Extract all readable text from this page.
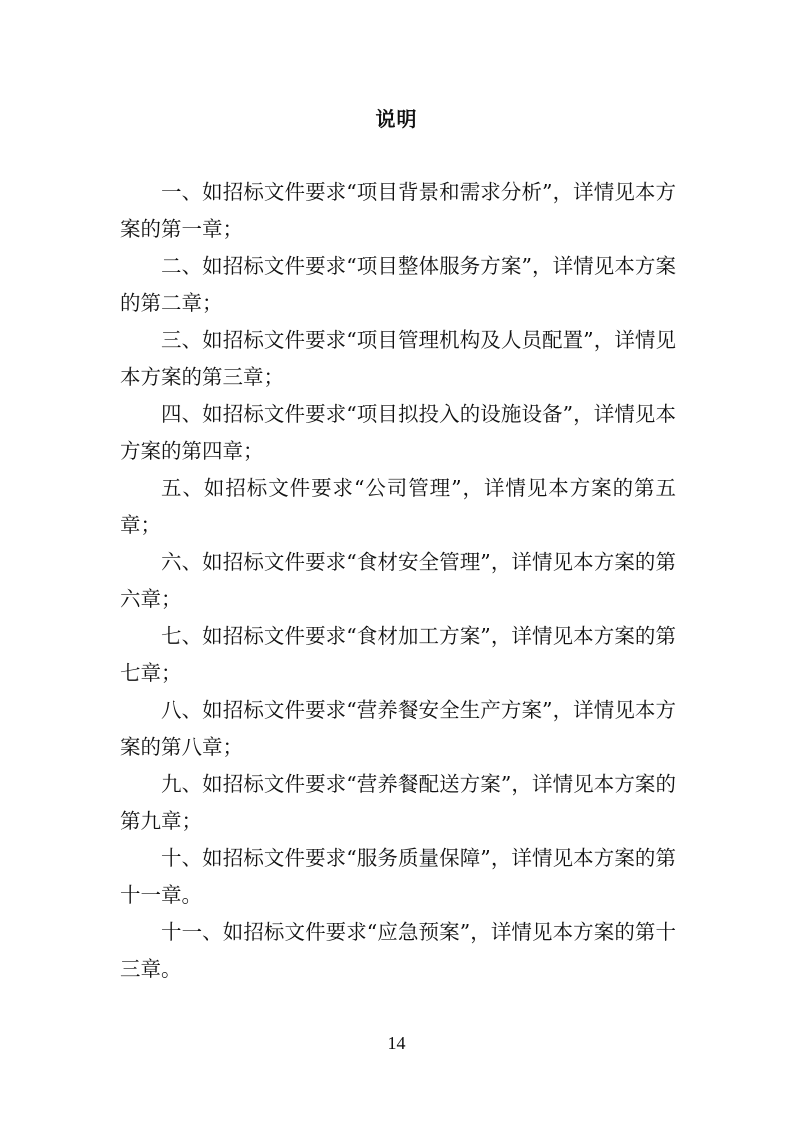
说明

一、如招标文件要求“项目背景和需求分析”，详情见本方案的第一章；

二、如招标文件要求“项目整体服务方案”，详情见本方案的第二章；

三、如招标文件要求“项目管理机构及人员配置”，详情见本方案的第三章；

四、如招标文件要求“项目拟投入的设施设备”，详情见本方案的第四章；

五、如招标文件要求“公司管理”，详情见本方案的第五章；

六、如招标文件要求“食材安全管理”，详情见本方案的第六章；

七、如招标文件要求“食材加工方案”，详情见本方案的第七章；

八、如招标文件要求“营养餐安全生产方案”，详情见本方案的第八章；

九、如招标文件要求“营养餐配送方案”，详情见本方案的第九章；

十、如招标文件要求“服务质量保障”，详情见本方案的第十一章。

十一、如招标文件要求“应急预案”，详情见本方案的第十三章。

14
